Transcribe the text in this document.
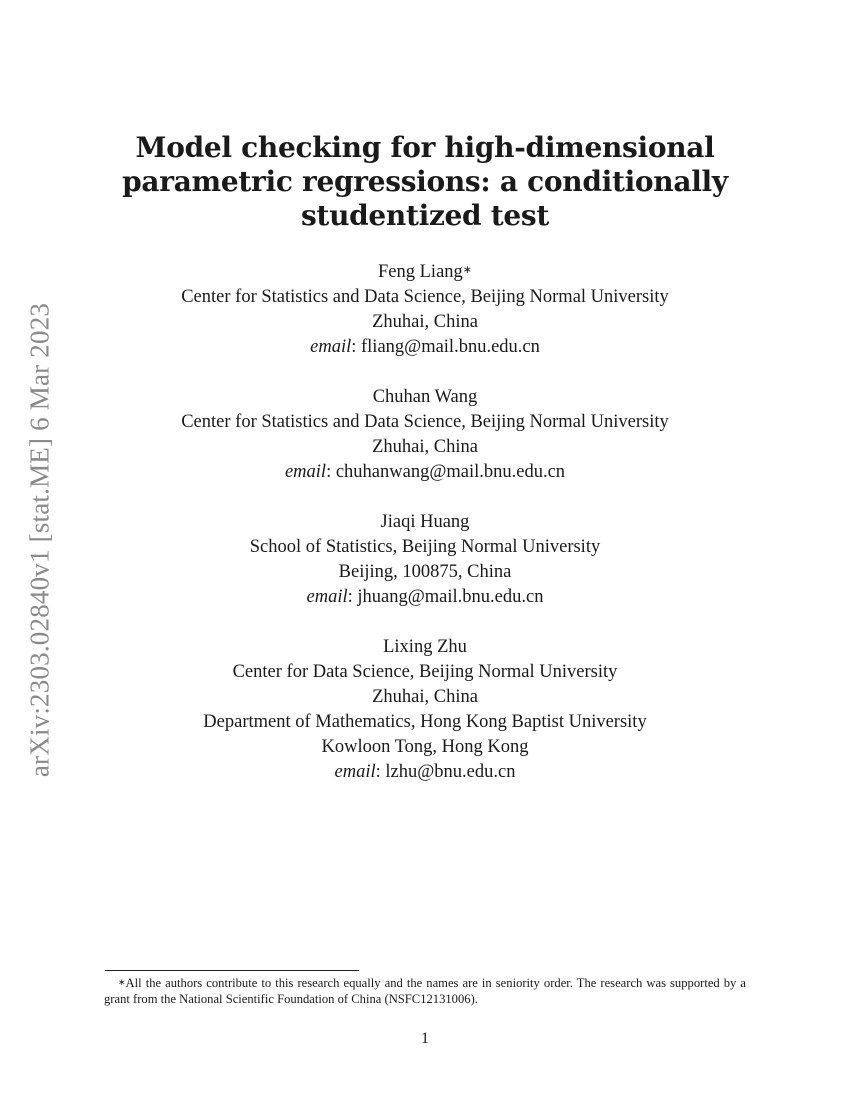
arXiv:2303.02840v1 [stat.ME] 6 Mar 2023
Model checking for high-dimensional
parametric regressions: a conditionally
studentized test
Feng Liang∗
Center for Statistics and Data Science, Beijing Normal University
Zhuhai, China
email: fliang@mail.bnu.edu.cn
Chuhan Wang
Center for Statistics and Data Science, Beijing Normal University
Zhuhai, China
email: chuhanwang@mail.bnu.edu.cn
Jiaqi Huang
School of Statistics, Beijing Normal University
Beijing, 100875, China
email: jhuang@mail.bnu.edu.cn
Lixing Zhu
Center for Data Science, Beijing Normal University
Zhuhai, China
Department of Mathematics, Hong Kong Baptist University
Kowloon Tong, Hong Kong
email: lzhu@bnu.edu.cn
∗All the authors contribute to this research equally and the names are in seniority order. The research was supported by a grant from the National Scientific Foundation of China (NSFC12131006).
1
